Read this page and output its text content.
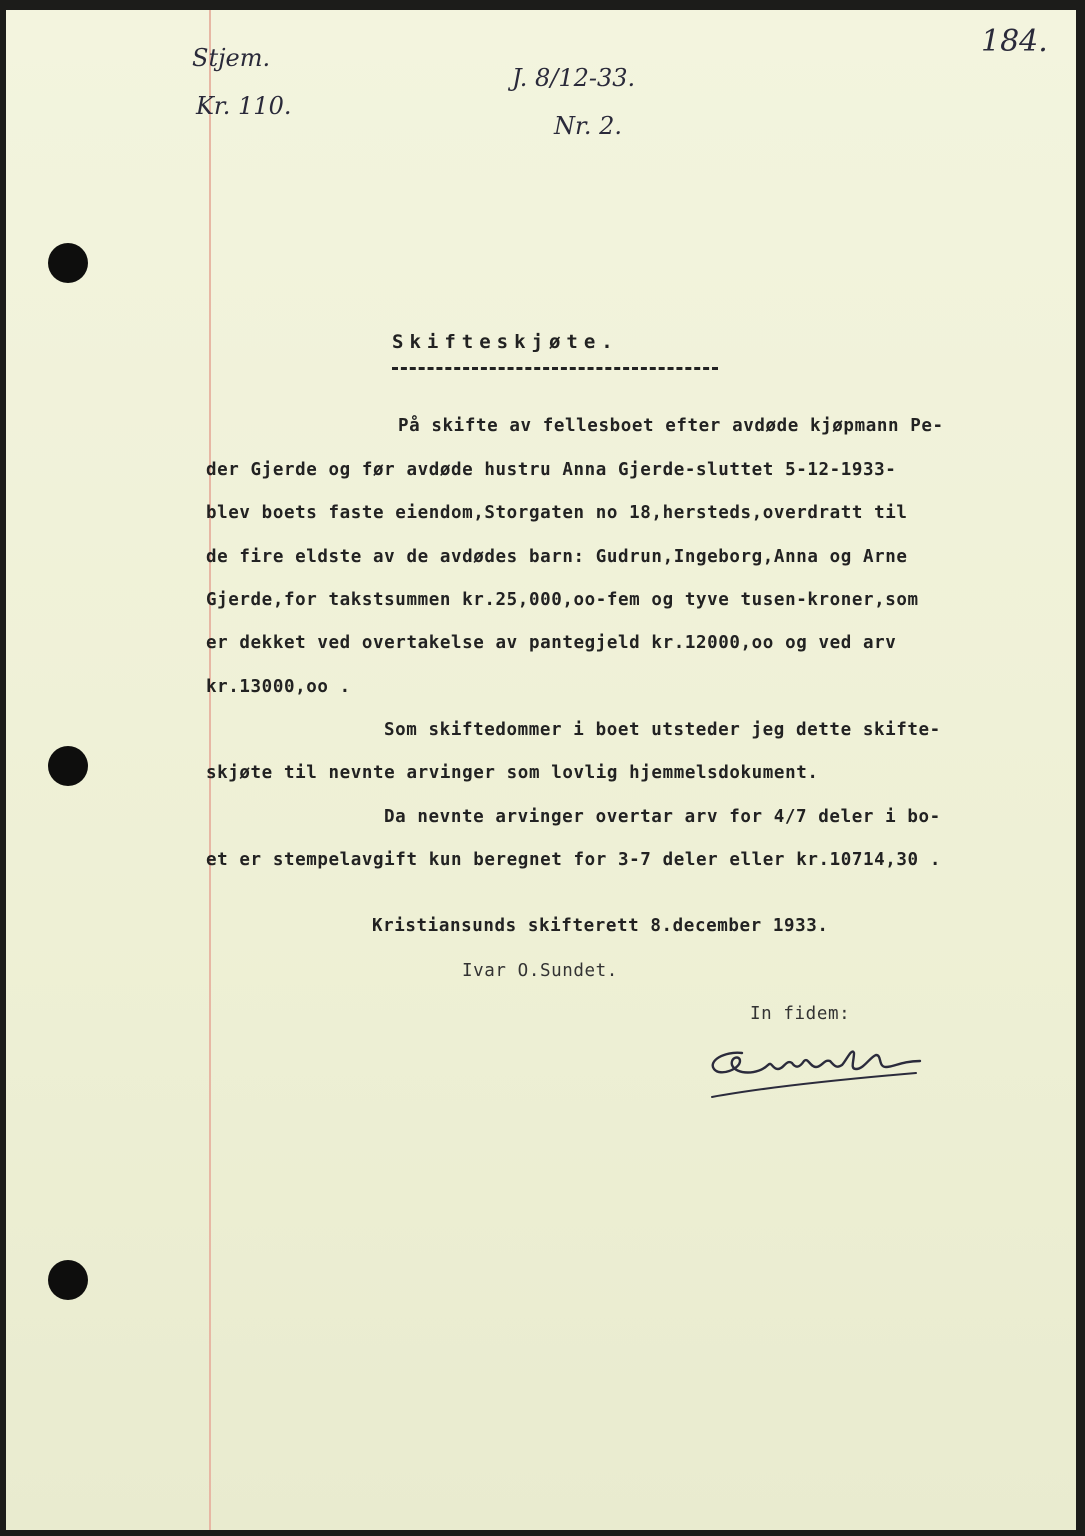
184.
Stjem.
Kr. 110.
J. 8/12-33.
Nr. 2.
Skifteskjøte.
På skifte av fellesboet efter avdøde kjøpmann Pe-
der Gjerde og før avdøde hustru Anna Gjerde-sluttet 5-12-1933-
blev boets faste eiendom,Storgaten no 18,hersteds,overdratt til
de fire eldste av de avdødes barn: Gudrun,Ingeborg,Anna og Arne
Gjerde,for takstsummen kr.25,000,oo-fem og tyve tusen-kroner,som
er dekket ved overtakelse av pantegjeld kr.12000,oo og ved arv
kr.13000,oo .
Som skiftedommer i boet utsteder jeg dette skifte-
skjøte til nevnte arvinger som lovlig hjemmelsdokument.
Da nevnte arvinger overtar arv for 4/7 deler i bo-
et er stempelavgift kun beregnet for 3-7 deler eller kr.10714,30 .
Kristiansunds skifterett 8.december 1933.
Ivar O.Sundet.
In fidem:
